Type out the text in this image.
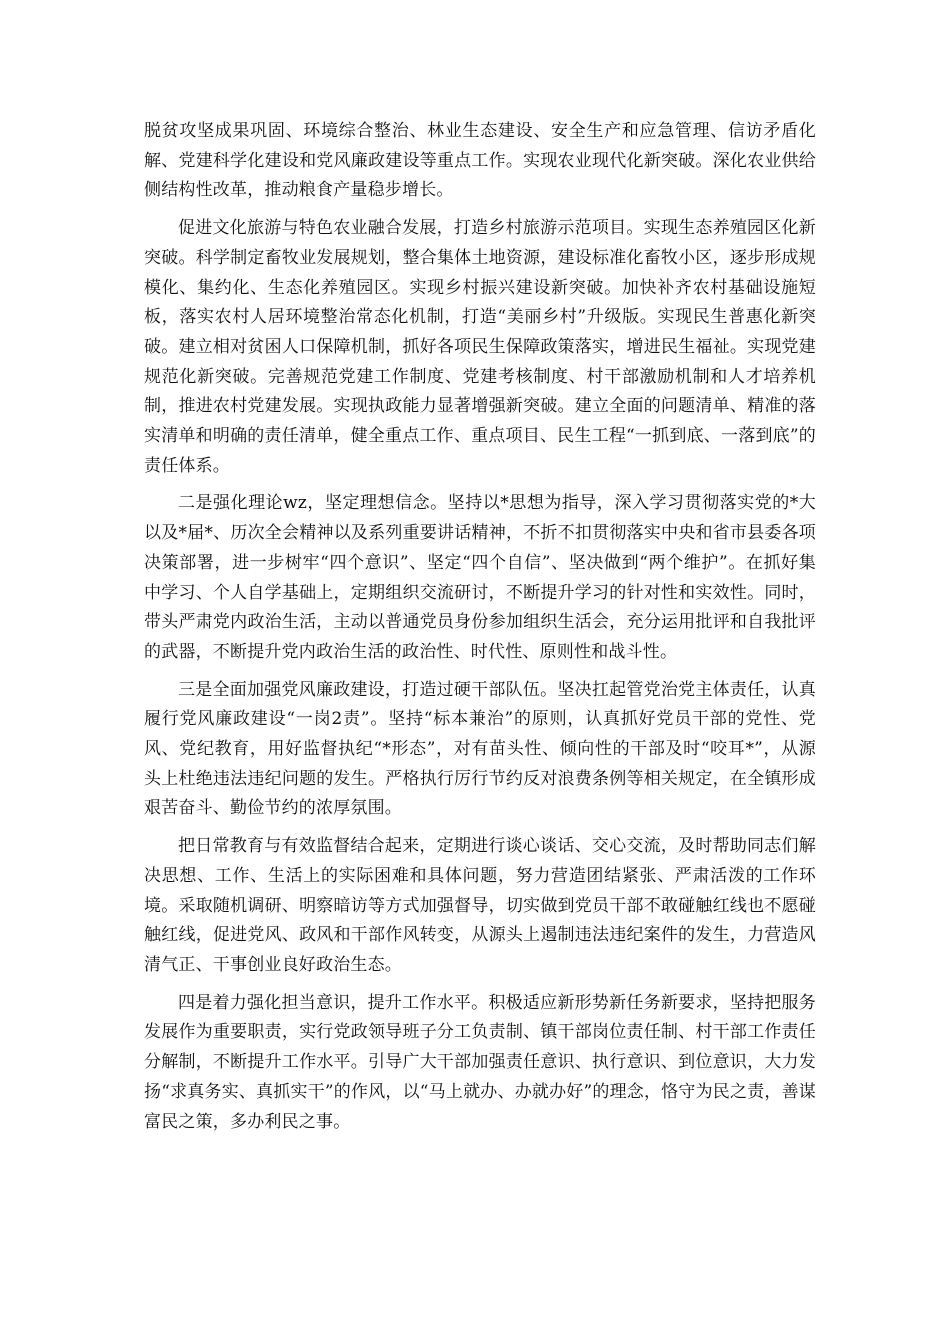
脱贫攻坚成果巩固、环境综合整治、林业生态建设、安全生产和应急管理、信访矛盾化解、党建科学化建设和党风廉政建设等重点工作。实现农业现代化新突破。深化农业供给侧结构性改革，推动粮食产量稳步增长。

促进文化旅游与特色农业融合发展，打造乡村旅游示范项目。实现生态养殖园区化新突破。科学制定畜牧业发展规划，整合集体土地资源，建设标准化畜牧小区，逐步形成规模化、集约化、生态化养殖园区。实现乡村振兴建设新突破。加快补齐农村基础设施短板，落实农村人居环境整治常态化机制，打造“美丽乡村”升级版。实现民生普惠化新突破。建立相对贫困人口保障机制，抓好各项民生保障政策落实，增进民生福祉。实现党建规范化新突破。完善规范党建工作制度、党建考核制度、村干部激励机制和人才培养机制，推进农村党建发展。实现执政能力显著增强新突破。建立全面的问题清单、精准的落实清单和明确的责任清单，健全重点工作、重点项目、民生工程“一抓到底、一落到底”的责任体系。

二是强化理论wz，坚定理想信念。坚持以*思想为指导，深入学习贯彻落实党的*大以及*届*、历次全会精神以及系列重要讲话精神，不折不扣贯彻落实中央和省市县委各项决策部署，进一步树牢“四个意识”、坚定“四个自信”、坚决做到“两个维护”。在抓好集中学习、个人自学基础上，定期组织交流研讨，不断提升学习的针对性和实效性。同时，带头严肃党内政治生活，主动以普通党员身份参加组织生活会，充分运用批评和自我批评的武器，不断提升党内政治生活的政治性、时代性、原则性和战斗性。

三是全面加强党风廉政建设，打造过硬干部队伍。坚决扛起管党治党主体责任，认真履行党风廉政建设“一岗2责”。坚持“标本兼治”的原则，认真抓好党员干部的党性、党风、党纪教育，用好监督执纪“*形态”，对有苗头性、倾向性的干部及时“咬耳*”，从源头上杜绝违法违纪问题的发生。严格执行厉行节约反对浪费条例等相关规定，在全镇形成艰苦奋斗、勤俭节约的浓厚氛围。

把日常教育与有效监督结合起来，定期进行谈心谈话、交心交流，及时帮助同志们解决思想、工作、生活上的实际困难和具体问题，努力营造团结紧张、严肃活泼的工作环境。采取随机调研、明察暗访等方式加强督导，切实做到党员干部不敢碰触红线也不愿碰触红线，促进党风、政风和干部作风转变，从源头上遏制违法违纪案件的发生，力营造风清气正、干事创业良好政治生态。

四是着力强化担当意识，提升工作水平。积极适应新形势新任务新要求，坚持把服务发展作为重要职责，实行党政领导班子分工负责制、镇干部岗位责任制、村干部工作责任分解制，不断提升工作水平。引导广大干部加强责任意识、执行意识、到位意识，大力发扬“求真务实、真抓实干”的作风，以“马上就办、办就办好”的理念，恪守为民之责，善谋富民之策，多办利民之事。
